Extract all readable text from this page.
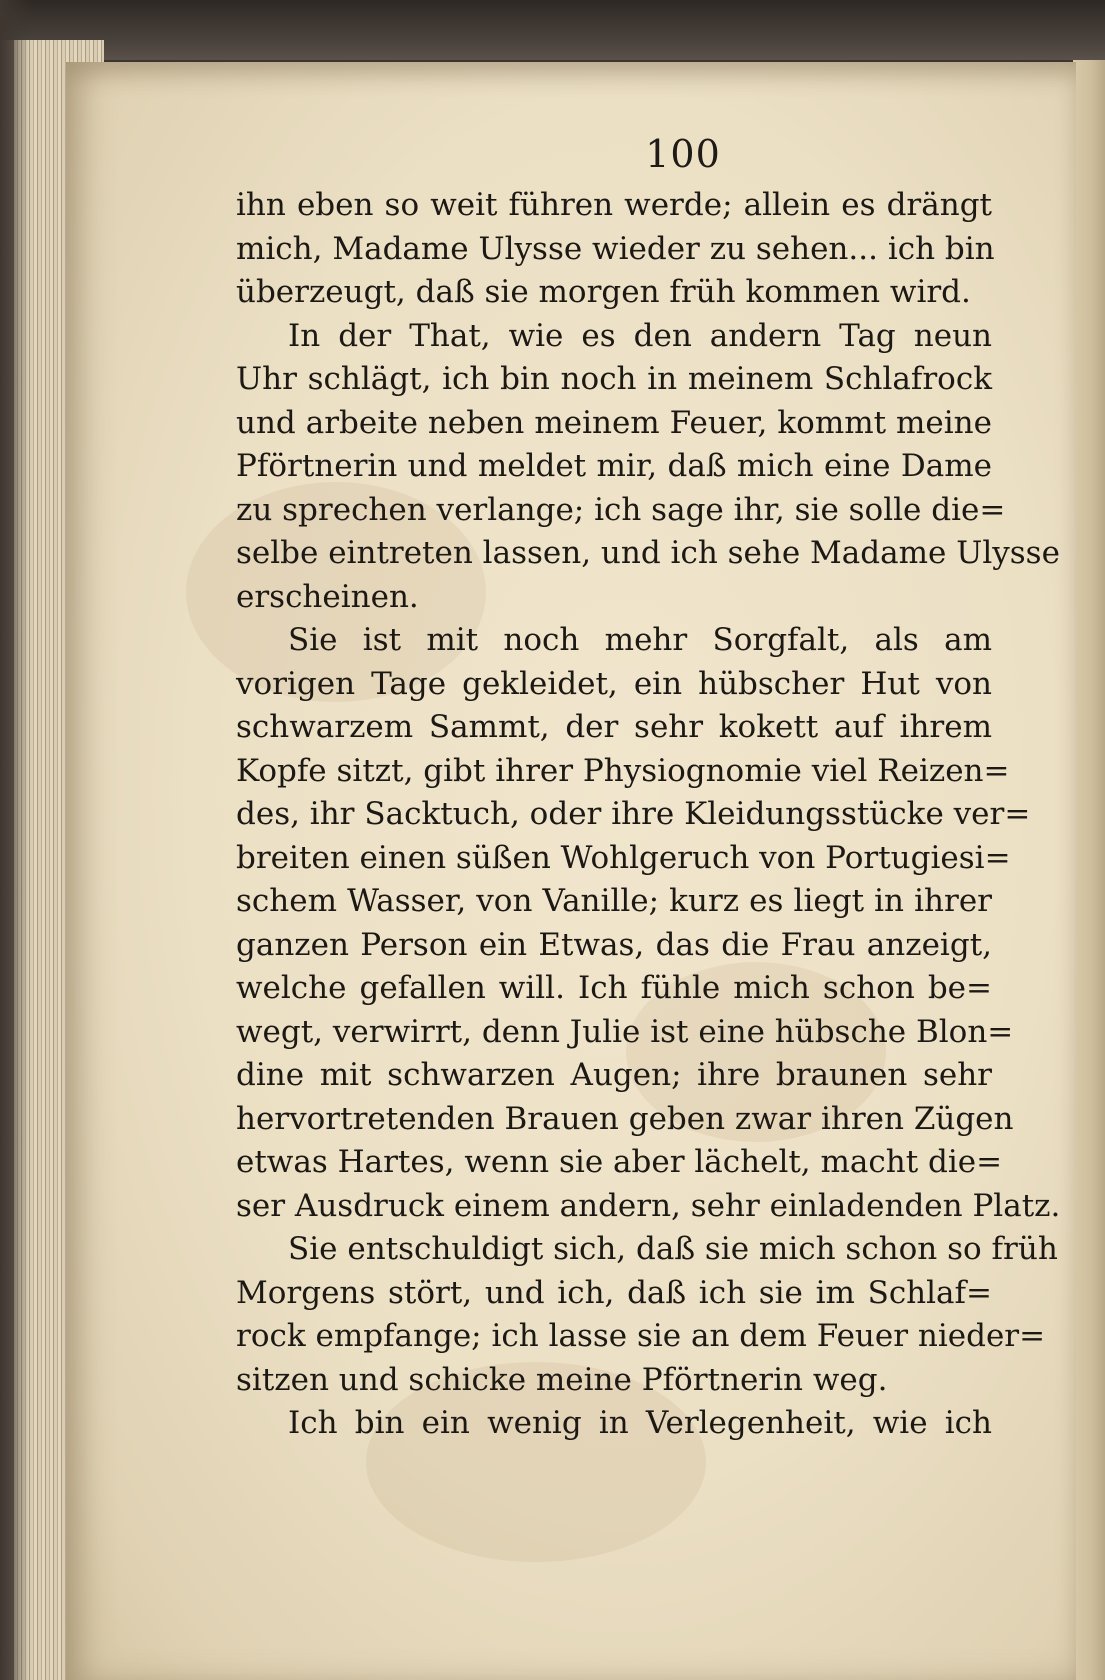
100
ihn eben so weit führen werde; allein es drängt
mich, Madame Ulysse wieder zu sehen... ich bin
überzeugt, daß sie morgen früh kommen wird.
In der That, wie es den andern Tag neun
Uhr schlägt, ich bin noch in meinem Schlafrock
und arbeite neben meinem Feuer, kommt meine
Pförtnerin und meldet mir, daß mich eine Dame
zu sprechen verlange; ich sage ihr, sie solle die=
selbe eintreten lassen, und ich sehe Madame Ulysse
erscheinen.
Sie ist mit noch mehr Sorgfalt, als am
vorigen Tage gekleidet, ein hübscher Hut von
schwarzem Sammt, der sehr kokett auf ihrem
Kopfe sitzt, gibt ihrer Physiognomie viel Reizen=
des, ihr Sacktuch, oder ihre Kleidungsstücke ver=
breiten einen süßen Wohlgeruch von Portugiesi=
schem Wasser, von Vanille; kurz es liegt in ihrer
ganzen Person ein Etwas, das die Frau anzeigt,
welche gefallen will. Ich fühle mich schon be=
wegt, verwirrt, denn Julie ist eine hübsche Blon=
dine mit schwarzen Augen; ihre braunen sehr
hervortretenden Brauen geben zwar ihren Zügen
etwas Hartes, wenn sie aber lächelt, macht die=
ser Ausdruck einem andern, sehr einladenden Platz.
Sie entschuldigt sich, daß sie mich schon so früh
Morgens stört, und ich, daß ich sie im Schlaf=
rock empfange; ich lasse sie an dem Feuer nieder=
sitzen und schicke meine Pförtnerin weg.
Ich bin ein wenig in Verlegenheit, wie ich
